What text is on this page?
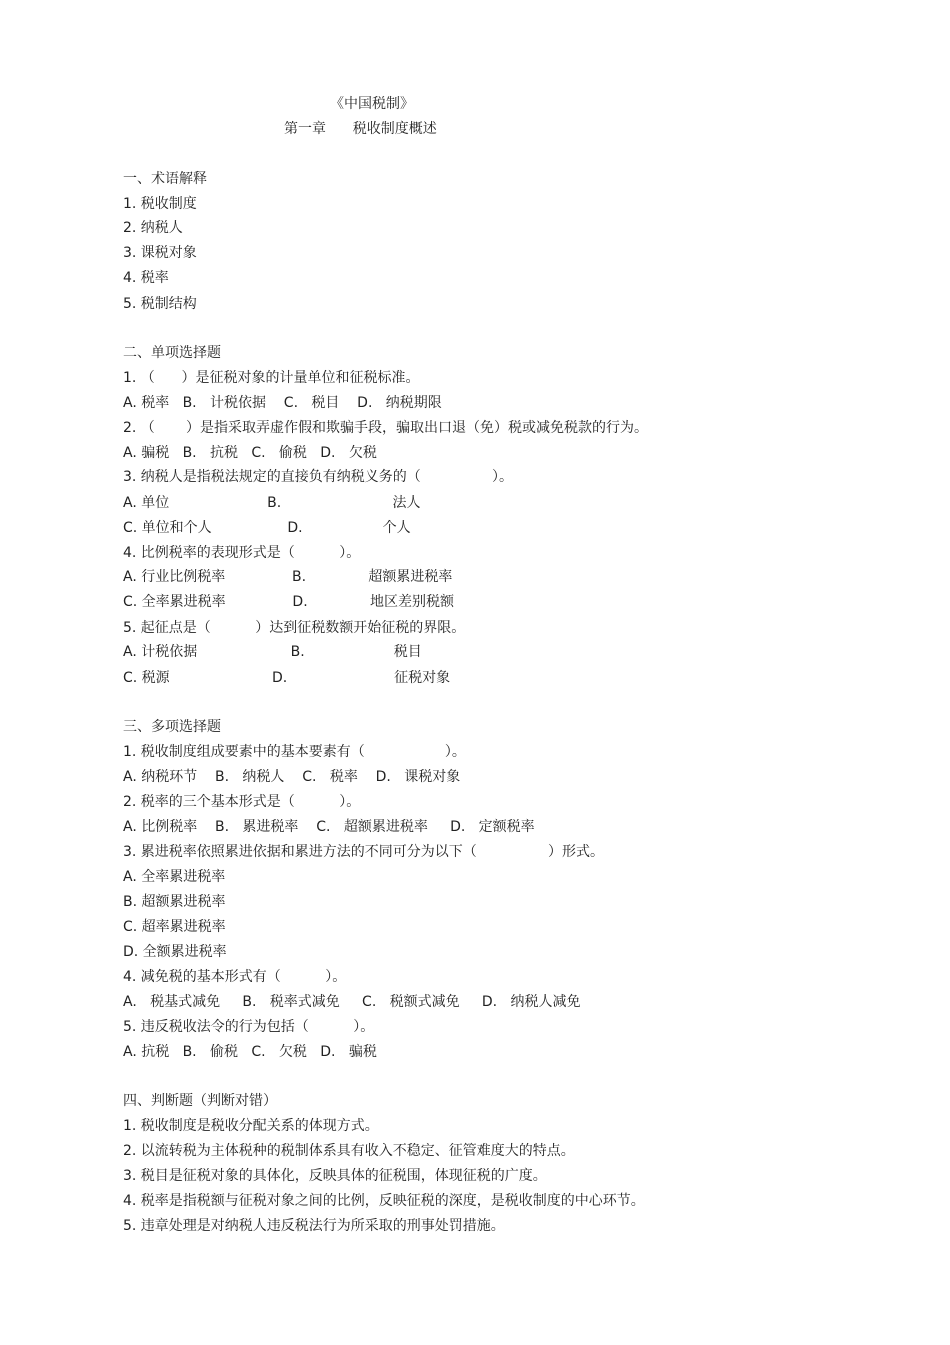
《中国税制》

第一章      税收制度概述

一、术语解释

1. 税收制度

2. 纳税人

3. 课税对象

4. 税率

5. 税制结构

二、单项选择题

1. （      ）是征税对象的计量单位和征税标准。

A. 税率   B.   计税依据    C.   税目    D.   纳税期限

2. （       ）是指采取弄虚作假和欺骗手段，骗取出口退（免）税或减免税款的行为。

A. 骗税   B.   抗税   C.   偷税   D.   欠税

3. 纳税人是指税法规定的直接负有纳税义务的（                ）。

A. 单位                      B.                         法人

C. 单位和个人                 D.                  个人

4. 比例税率的表现形式是（          ）。

A. 行业比例税率               B.              超额累进税率

C. 全率累进税率               D.              地区差别税额

5. 起征点是（          ）达到征税数额开始征税的界限。

A. 计税依据                     B.                    税目

C. 税源                       D.                        征税对象

三、多项选择题

1. 税收制度组成要素中的基本要素有（                  ）。

A. 纳税环节    B.   纳税人    C.   税率    D.   课税对象

2. 税率的三个基本形式是（          ）。

A. 比例税率    B.   累进税率    C.   超额累进税率     D.   定额税率

3. 累进税率依照累进依据和累进方法的不同可分为以下（                ）形式。

A. 全率累进税率

B. 超额累进税率

C. 超率累进税率

D. 全额累进税率

4. 减免税的基本形式有（          ）。

A.   税基式减免     B.   税率式减免     C.   税额式减免     D.   纳税人减免

5. 违反税收法令的行为包括（          ）。

A. 抗税   B.   偷税   C.   欠税   D.   骗税

四、判断题（判断对错）

1. 税收制度是税收分配关系的体现方式。

2. 以流转税为主体税种的税制体系具有收入不稳定、征管难度大的特点。

3. 税目是征税对象的具体化，反映具体的征税围，体现征税的广度。

4. 税率是指税额与征税对象之间的比例，反映征税的深度，是税收制度的中心环节。

5. 违章处理是对纳税人违反税法行为所采取的刑事处罚措施。
